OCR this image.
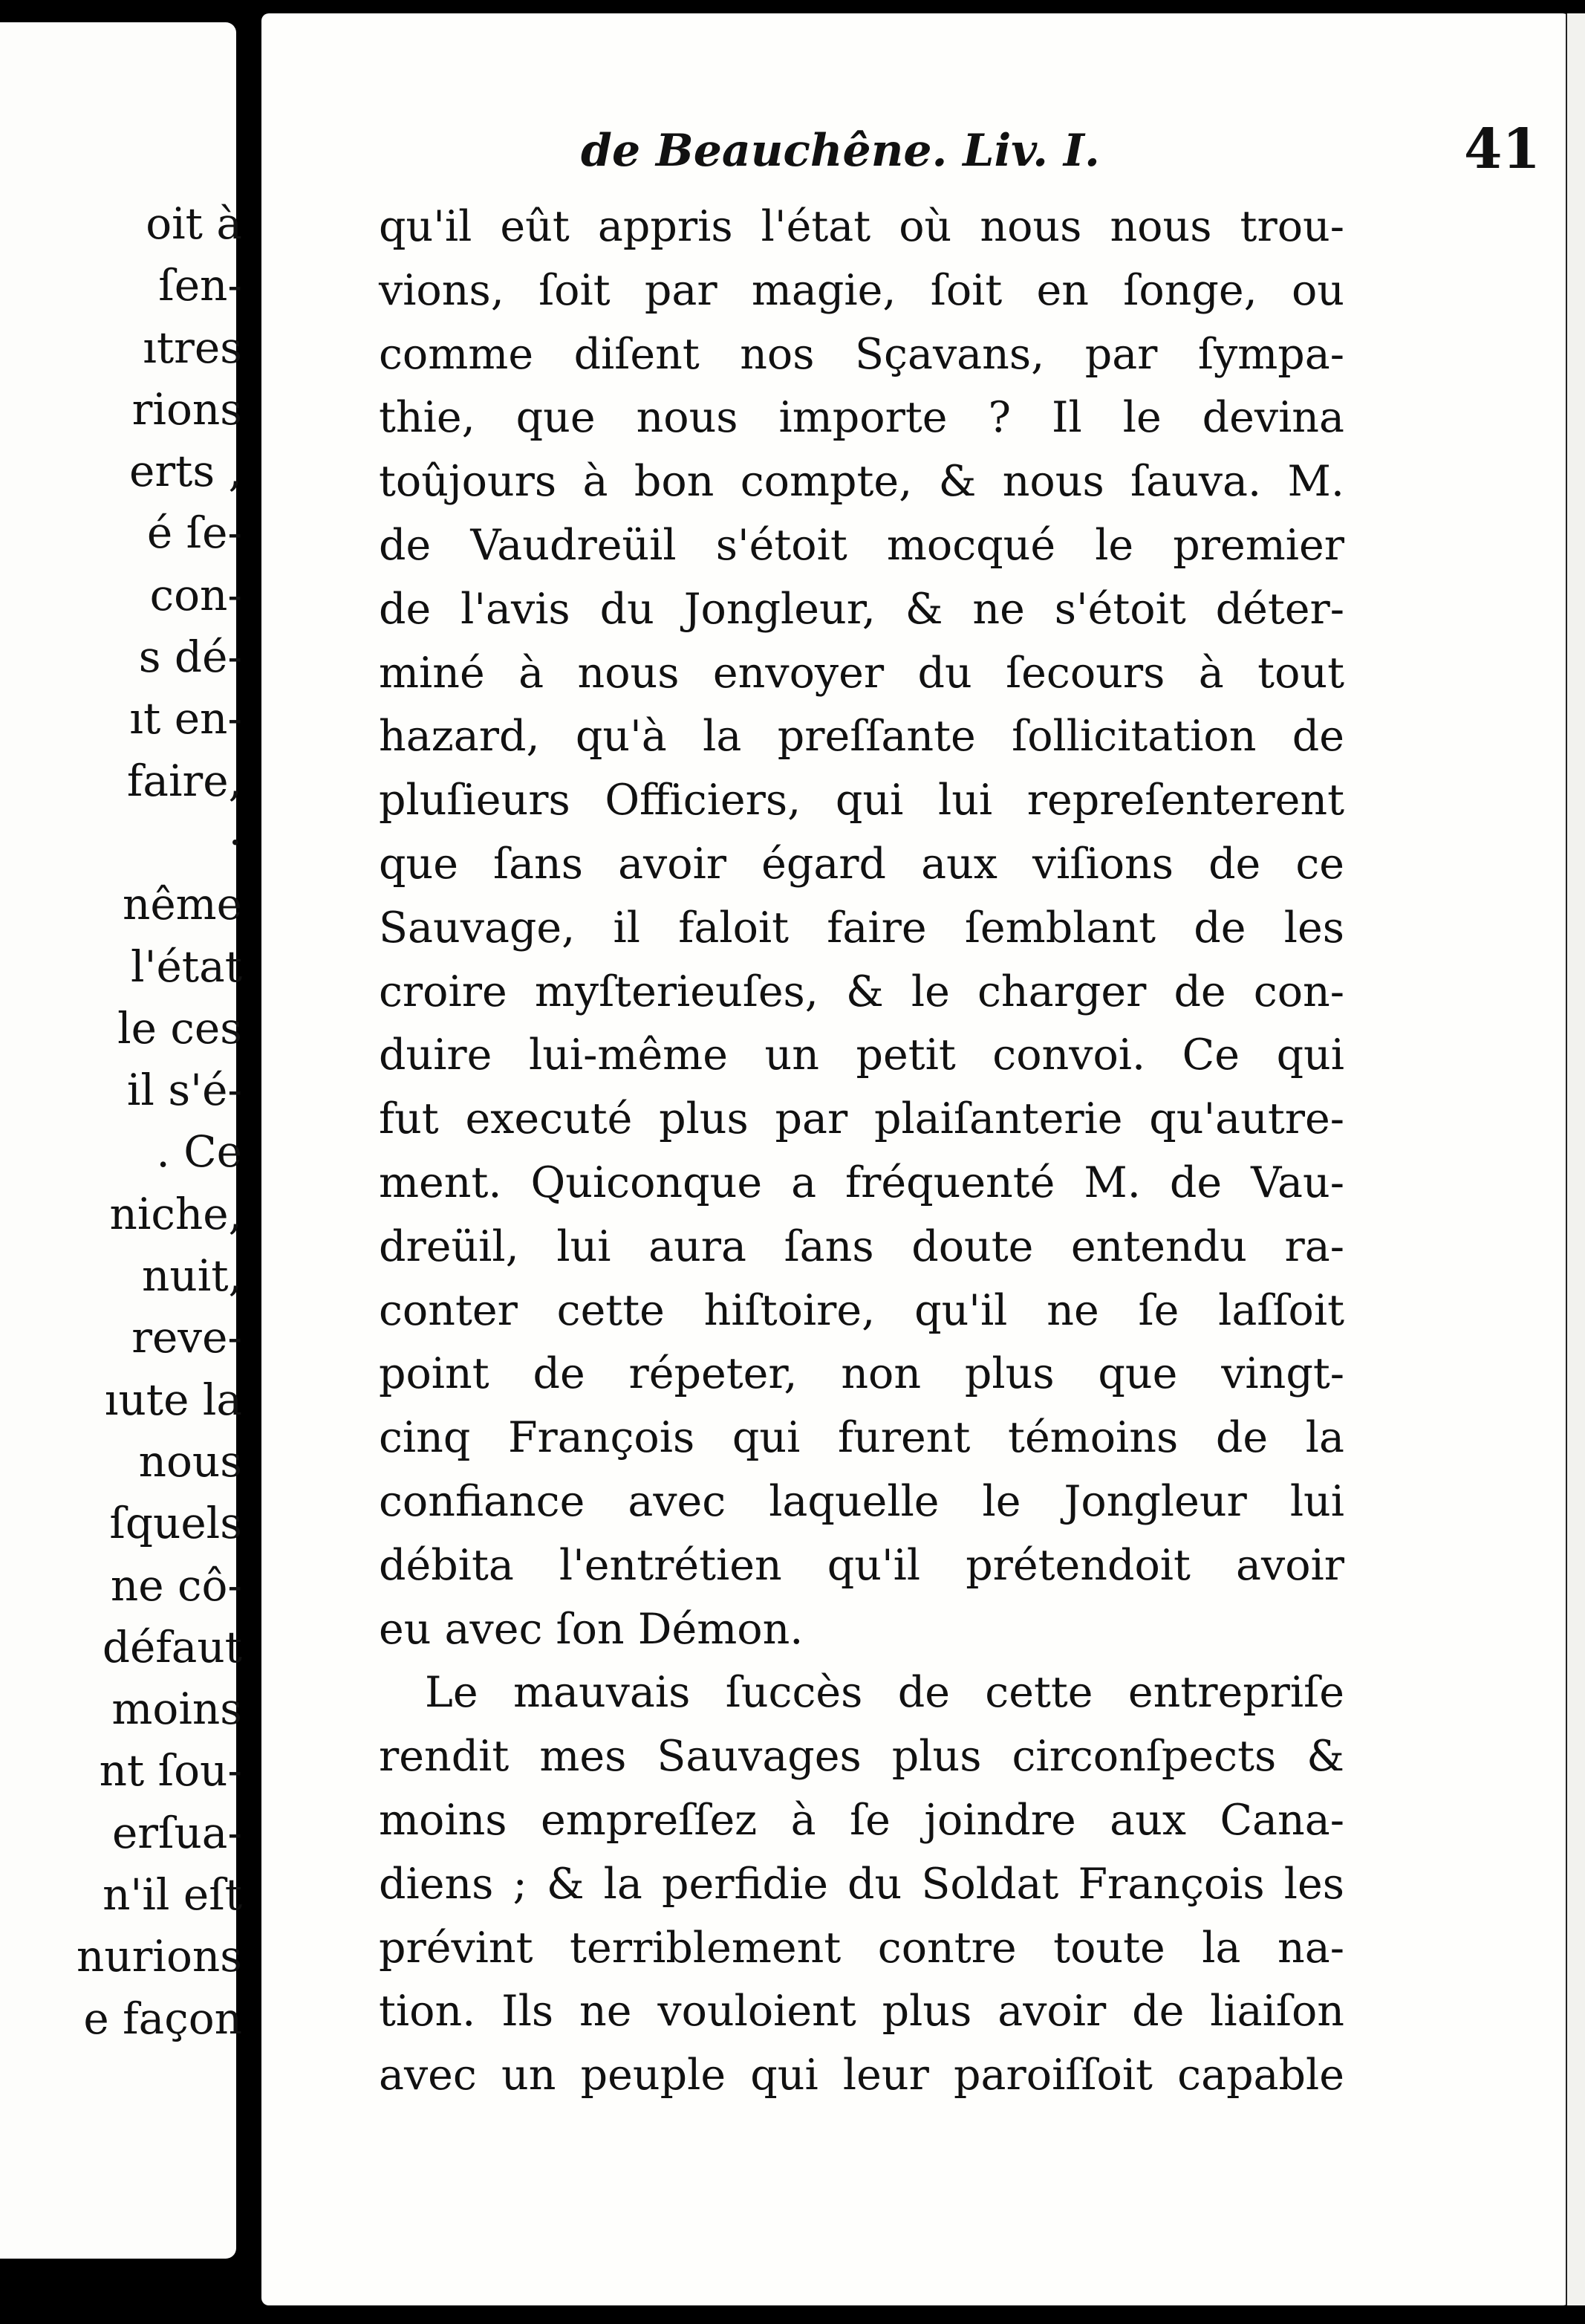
oit à
ſen-
ıtres
rions
erts ,
é ſe-
con-
s dé-
ıt en-
faire,
·
nême
l'état
le ces
il s'é-
. Ce
niche,
nuit,
reve-
ıute la
nous
ſquels
ne cô-
défaut
moins
nt ſou-
erſua-
n'il eſt
nurions
e façon
de Beauchêne. Liv. I.	41
qu'il eût appris l'état où nous nous trou-
vions, ſoit par magie, ſoit en ſonge, ou
comme diſent nos Sçavans, par ſympa-
thie, que nous importe ? Il le devina
toûjours à bon compte, & nous ſauva. M.
de Vaudreüil s'étoit mocqué le premier
de l'avis du Jongleur, & ne s'étoit déter-
miné à nous envoyer du ſecours à tout
hazard, qu'à la preſſante ſollicitation de
pluſieurs Officiers, qui lui repreſenterent
que ſans avoir égard aux viſions de ce
Sauvage, il faloit faire ſemblant de les
croire myſterieuſes, & le charger de con-
duire lui-même un petit convoi. Ce qui
fut executé plus par plaiſanterie qu'autre-
ment. Quiconque a fréquenté M. de Vau-
dreüil, lui aura ſans doute entendu ra-
conter cette hiſtoire, qu'il ne ſe laſſoit
point de répeter, non plus que vingt-
cinq François qui furent témoins de la
confiance avec laquelle le Jongleur lui
débita l'entrétien qu'il prétendoit avoir
eu avec ſon Démon.
Le mauvais ſuccès de cette entrepriſe
rendit mes Sauvages plus circonſpects &
moins empreſſez à ſe joindre aux Cana-
diens ; & la perfidie du Soldat François les
prévint terriblement contre toute la na-
tion. Ils ne vouloient plus avoir de liaiſon
avec un peuple qui leur paroiſſoit capable
